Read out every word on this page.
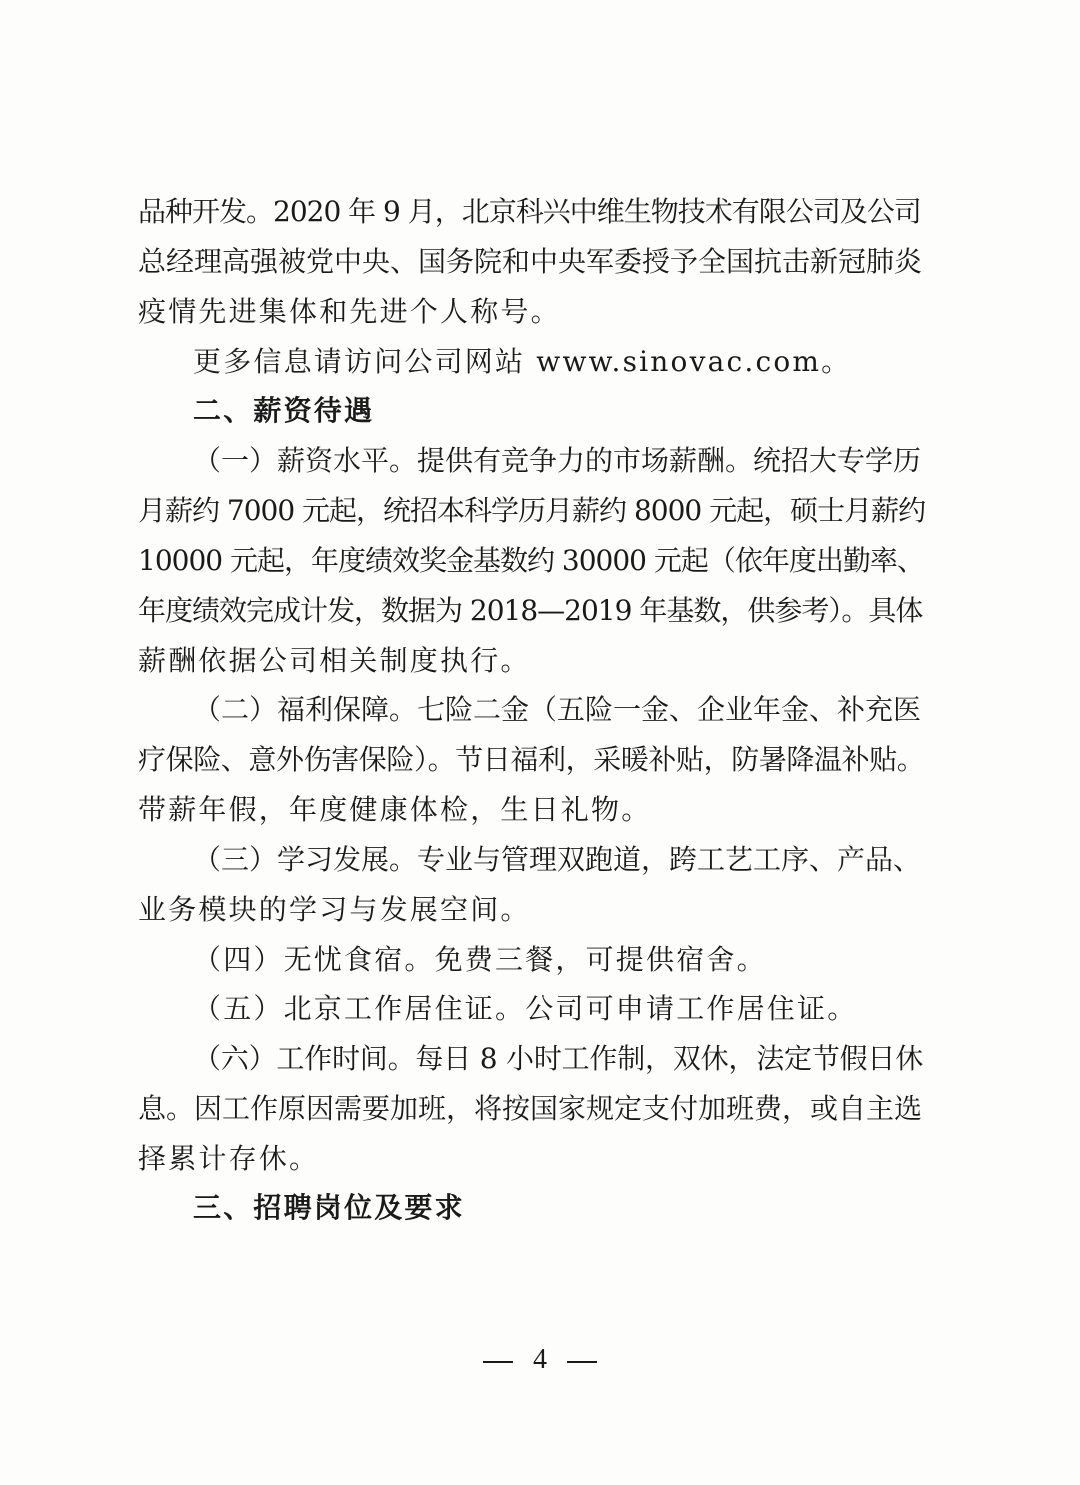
品种开发。2020 年 9 月，北京科兴中维生物技术有限公司及公司

总经理高强被党中央、国务院和中央军委授予全国抗击新冠肺炎

疫情先进集体和先进个人称号。

更多信息请访问公司网站 www.sinovac.com。

二、薪资待遇

（一）薪资水平。提供有竞争力的市场薪酬。统招大专学历

月薪约 7000 元起，统招本科学历月薪约 8000 元起，硕士月薪约

10000 元起，年度绩效奖金基数约 30000 元起（依年度出勤率、

年度绩效完成计发，数据为 2018—2019 年基数，供参考）。具体

薪酬依据公司相关制度执行。

（二）福利保障。七险二金（五险一金、企业年金、补充医

疗保险、意外伤害保险）。节日福利，采暖补贴，防暑降温补贴。

带薪年假，年度健康体检，生日礼物。

（三）学习发展。专业与管理双跑道，跨工艺工序、产品、

业务模块的学习与发展空间。

（四）无忧食宿。免费三餐，可提供宿舍。

（五）北京工作居住证。公司可申请工作居住证。

（六）工作时间。每日 8 小时工作制，双休，法定节假日休

息。因工作原因需要加班，将按国家规定支付加班费，或自主选

择累计存休。

三、招聘岗位及要求

4
